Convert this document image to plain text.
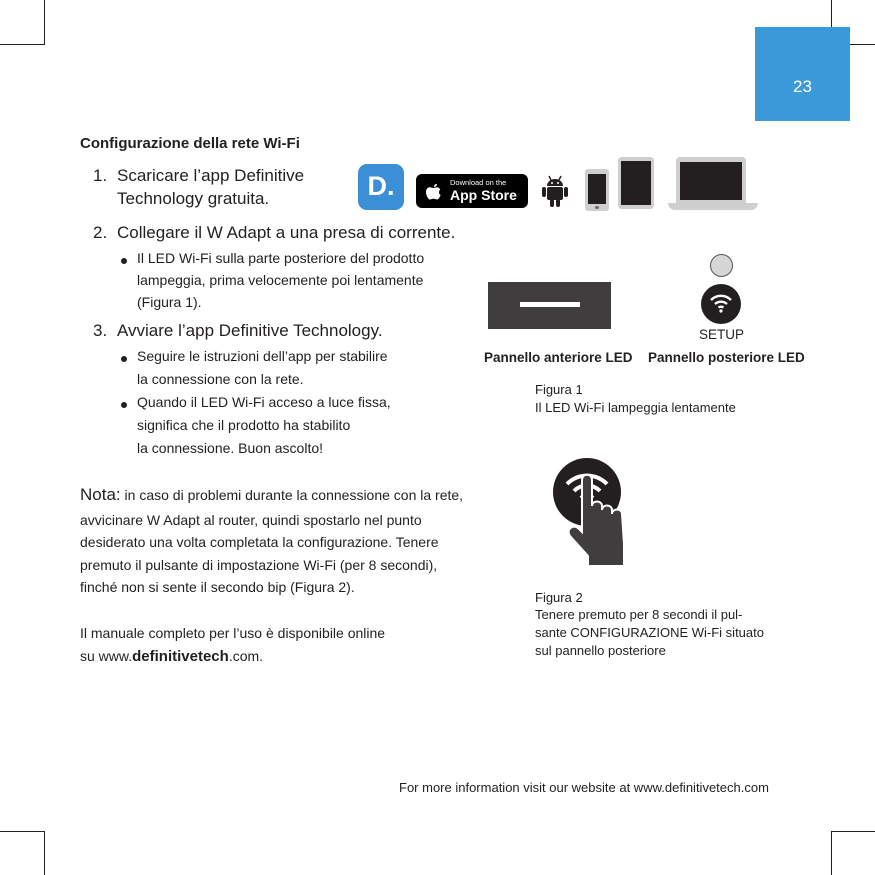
23
Configurazione della rete Wi-Fi
1. Scaricare l’app Definitive
Technology gratuita.	D.	Download on the
App Store
2. Collegare il W Adapt a una presa di corrente.
Il LED Wi-Fi sulla parte posteriore del prodotto
lampeggia, prima velocemente poi lentamente
(Figura 1).
3. Avviare l’app Definitive Technology.
Seguire le istruzioni dell’app per stabilire
la connessione con la rete.
Quando il LED Wi-Fi acceso a luce fissa,
significa che il prodotto ha stabilito
la connessione. Buon ascolto!
SETUP
Pannello anteriore LED Pannello posteriore LED
Figura 1
Il LED Wi-Fi lampeggia lentamente
Figura 2
Tenere premuto per 8 secondi il pul-
sante CONFIGURAZIONE Wi-Fi situato
sul pannello posteriore
Nota: in caso di problemi durante la connessione con la rete,
avvicinare W Adapt al router, quindi spostarlo nel punto
desiderato una volta completata la configurazione. Tenere
premuto il pulsante di impostazione Wi-Fi (per 8 secondi),
finché non si sente il secondo bip (Figura 2).
Il manuale completo per l’uso è disponibile online
su www.definitivetech.com.
For more information visit our website at www.definitivetech.com
